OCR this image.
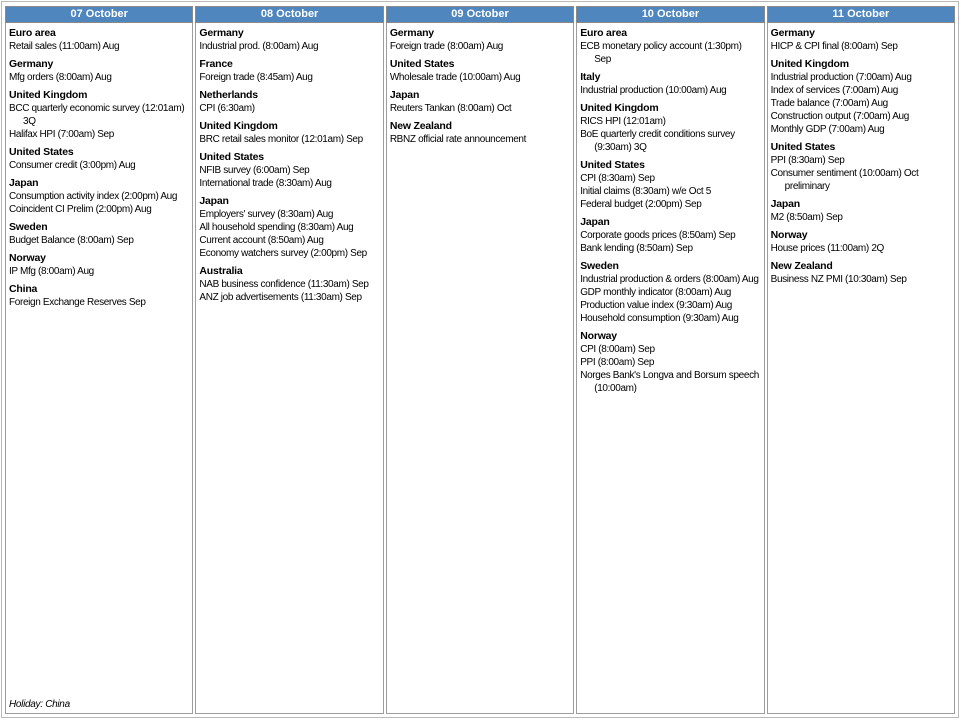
07 October
Euro area
Retail sales (11:00am) Aug
Germany
Mfg orders (8:00am) Aug
United Kingdom
BCC quarterly economic survey (12:01am) 3Q
Halifax HPI (7:00am) Sep
United States
Consumer credit (3:00pm) Aug
Japan
Consumption activity index (2:00pm) Aug
Coincident CI Prelim (2:00pm) Aug
Sweden
Budget Balance (8:00am) Sep
Norway
IP Mfg (8:00am) Aug
China
Foreign Exchange Reserves Sep
Holiday: China
08 October
Germany
Industrial prod. (8:00am) Aug
France
Foreign trade (8:45am) Aug
Netherlands
CPI (6:30am)
United Kingdom
BRC retail sales monitor (12:01am) Sep
United States
NFIB survey (6:00am) Sep
International trade (8:30am) Aug
Japan
Employers' survey (8:30am) Aug
All household spending (8:30am) Aug
Current account (8:50am) Aug
Economy watchers survey (2:00pm) Sep
Australia
NAB business confidence (11:30am) Sep
ANZ job advertisements (11:30am) Sep
09 October
Germany
Foreign trade (8:00am) Aug
United States
Wholesale trade (10:00am) Aug
Japan
Reuters Tankan (8:00am) Oct
New Zealand
RBNZ official rate announcement
10 October
Euro area
ECB monetary policy account (1:30pm) Sep
Italy
Industrial production (10:00am) Aug
United Kingdom
RICS HPI (12:01am)
BoE quarterly credit conditions survey (9:30am) 3Q
United States
CPI (8:30am) Sep
Initial claims (8:30am) w/e Oct 5
Federal budget (2:00pm) Sep
Japan
Corporate goods prices (8:50am) Sep
Bank lending (8:50am) Sep
Sweden
Industrial production & orders (8:00am) Aug
GDP monthly indicator (8:00am) Aug
Production value index (9:30am) Aug
Household consumption (9:30am) Aug
Norway
CPI (8:00am) Sep
PPI (8:00am) Sep
Norges Bank's Longva and Borsum speech (10:00am)
11 October
Germany
HICP & CPI final (8:00am) Sep
United Kingdom
Industrial production (7:00am) Aug
Index of services (7:00am) Aug
Trade balance (7:00am) Aug
Construction output (7:00am) Aug
Monthly GDP (7:00am) Aug
United States
PPI (8:30am) Sep
Consumer sentiment (10:00am) Oct preliminary
Japan
M2 (8:50am) Sep
Norway
House prices (11:00am) 2Q
New Zealand
Business NZ PMI (10:30am) Sep
